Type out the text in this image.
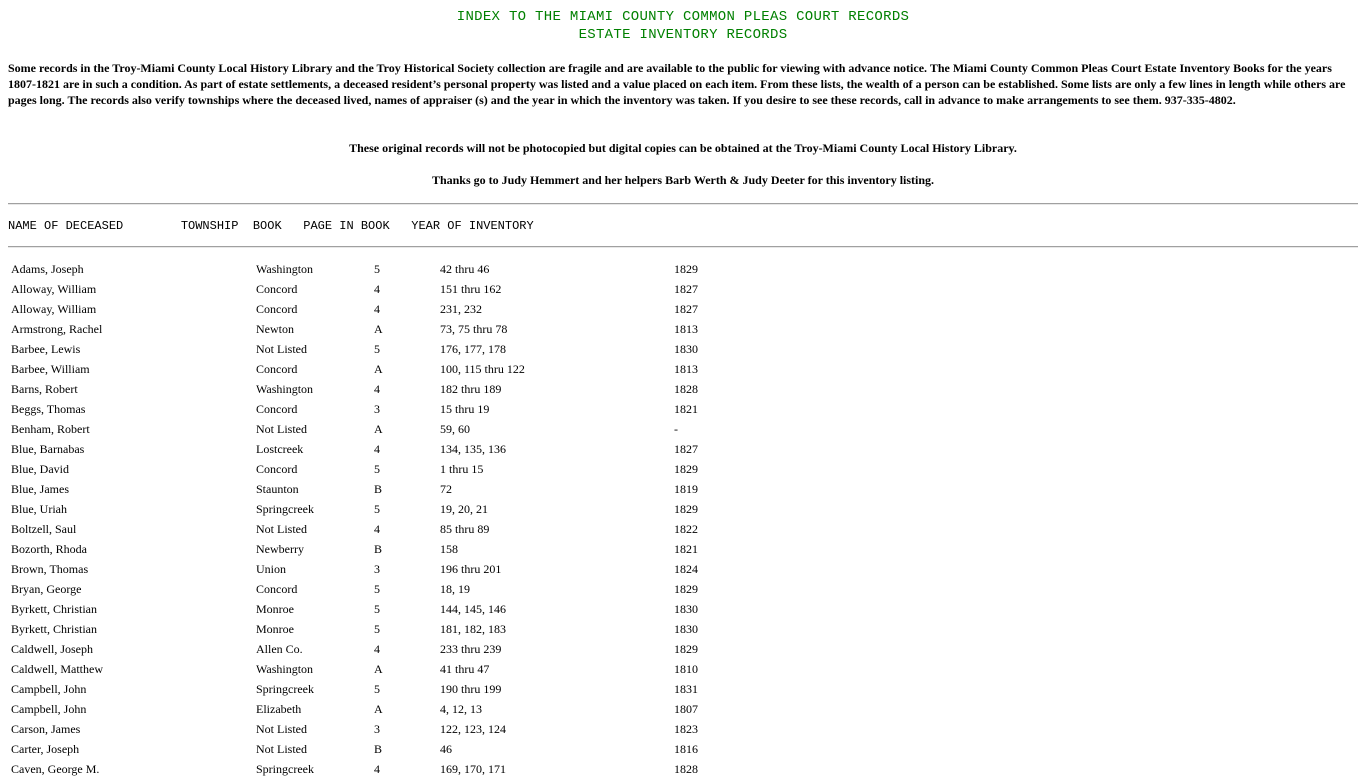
INDEX TO THE MIAMI COUNTY COMMON PLEAS COURT RECORDS
ESTATE INVENTORY RECORDS
Some records in the Troy-Miami County Local History Library and the Troy Historical Society collection are fragile and are available to the public for viewing with advance notice. The Miami County Common Pleas Court Estate Inventory Books for the years 1807-1821 are in such a condition. As part of estate settlements, a deceased resident’s personal property was listed and a value placed on each item. From these lists, the wealth of a person can be established. Some lists are only a few lines in length while others are pages long. The records also verify townships where the deceased lived, names of appraiser (s) and the year in which the inventory was taken. If you desire to see these records, call in advance to make arrangements to see them. 937-335-4802.
These original records will not be photocopied but digital copies can be obtained at the Troy-Miami County Local History Library.
Thanks go to Judy Hemmert and her helpers Barb Werth & Judy Deeter for this inventory listing.
NAME OF DECEASED        TOWNSHIP  BOOK   PAGE IN BOOK   YEAR OF INVENTORY
Adams, Joseph	Washington	5	42 thru 46	1829
Alloway, William	Concord	4	151 thru 162	1827
Alloway, William	Concord	4	231, 232	1827
Armstrong, Rachel	Newton	A	73, 75 thru 78	1813
Barbee, Lewis	Not Listed	5	176, 177, 178	1830
Barbee, William	Concord	A	100, 115 thru 122	1813
Barns, Robert	Washington	4	182 thru 189	1828
Beggs, Thomas	Concord	3	15 thru 19	1821
Benham, Robert	Not Listed	A	59, 60	-
Blue, Barnabas	Lostcreek	4	134, 135, 136	1827
Blue, David	Concord	5	1 thru 15	1829
Blue, James	Staunton	B	72	1819
Blue, Uriah	Springcreek	5	19, 20, 21	1829
Boltzell, Saul	Not Listed	4	85 thru 89	1822
Bozorth, Rhoda	Newberry	B	158	1821
Brown, Thomas	Union	3	196 thru 201	1824
Bryan, George	Concord	5	18, 19	1829
Byrkett, Christian	Monroe	5	144, 145, 146	1830
Byrkett, Christian	Monroe	5	181, 182, 183	1830
Caldwell, Joseph	Allen Co.	4	233 thru 239	1829
Caldwell, Matthew	Washington	A	41 thru 47	1810
Campbell, John	Springcreek	5	190 thru 199	1831
Campbell, John	Elizabeth	A	4, 12, 13	1807
Carson, James	Not Listed	3	122, 123, 124	1823
Carter, Joseph	Not Listed	B	46	1816
Caven, George M.	Springcreek	4	169, 170, 171	1828
